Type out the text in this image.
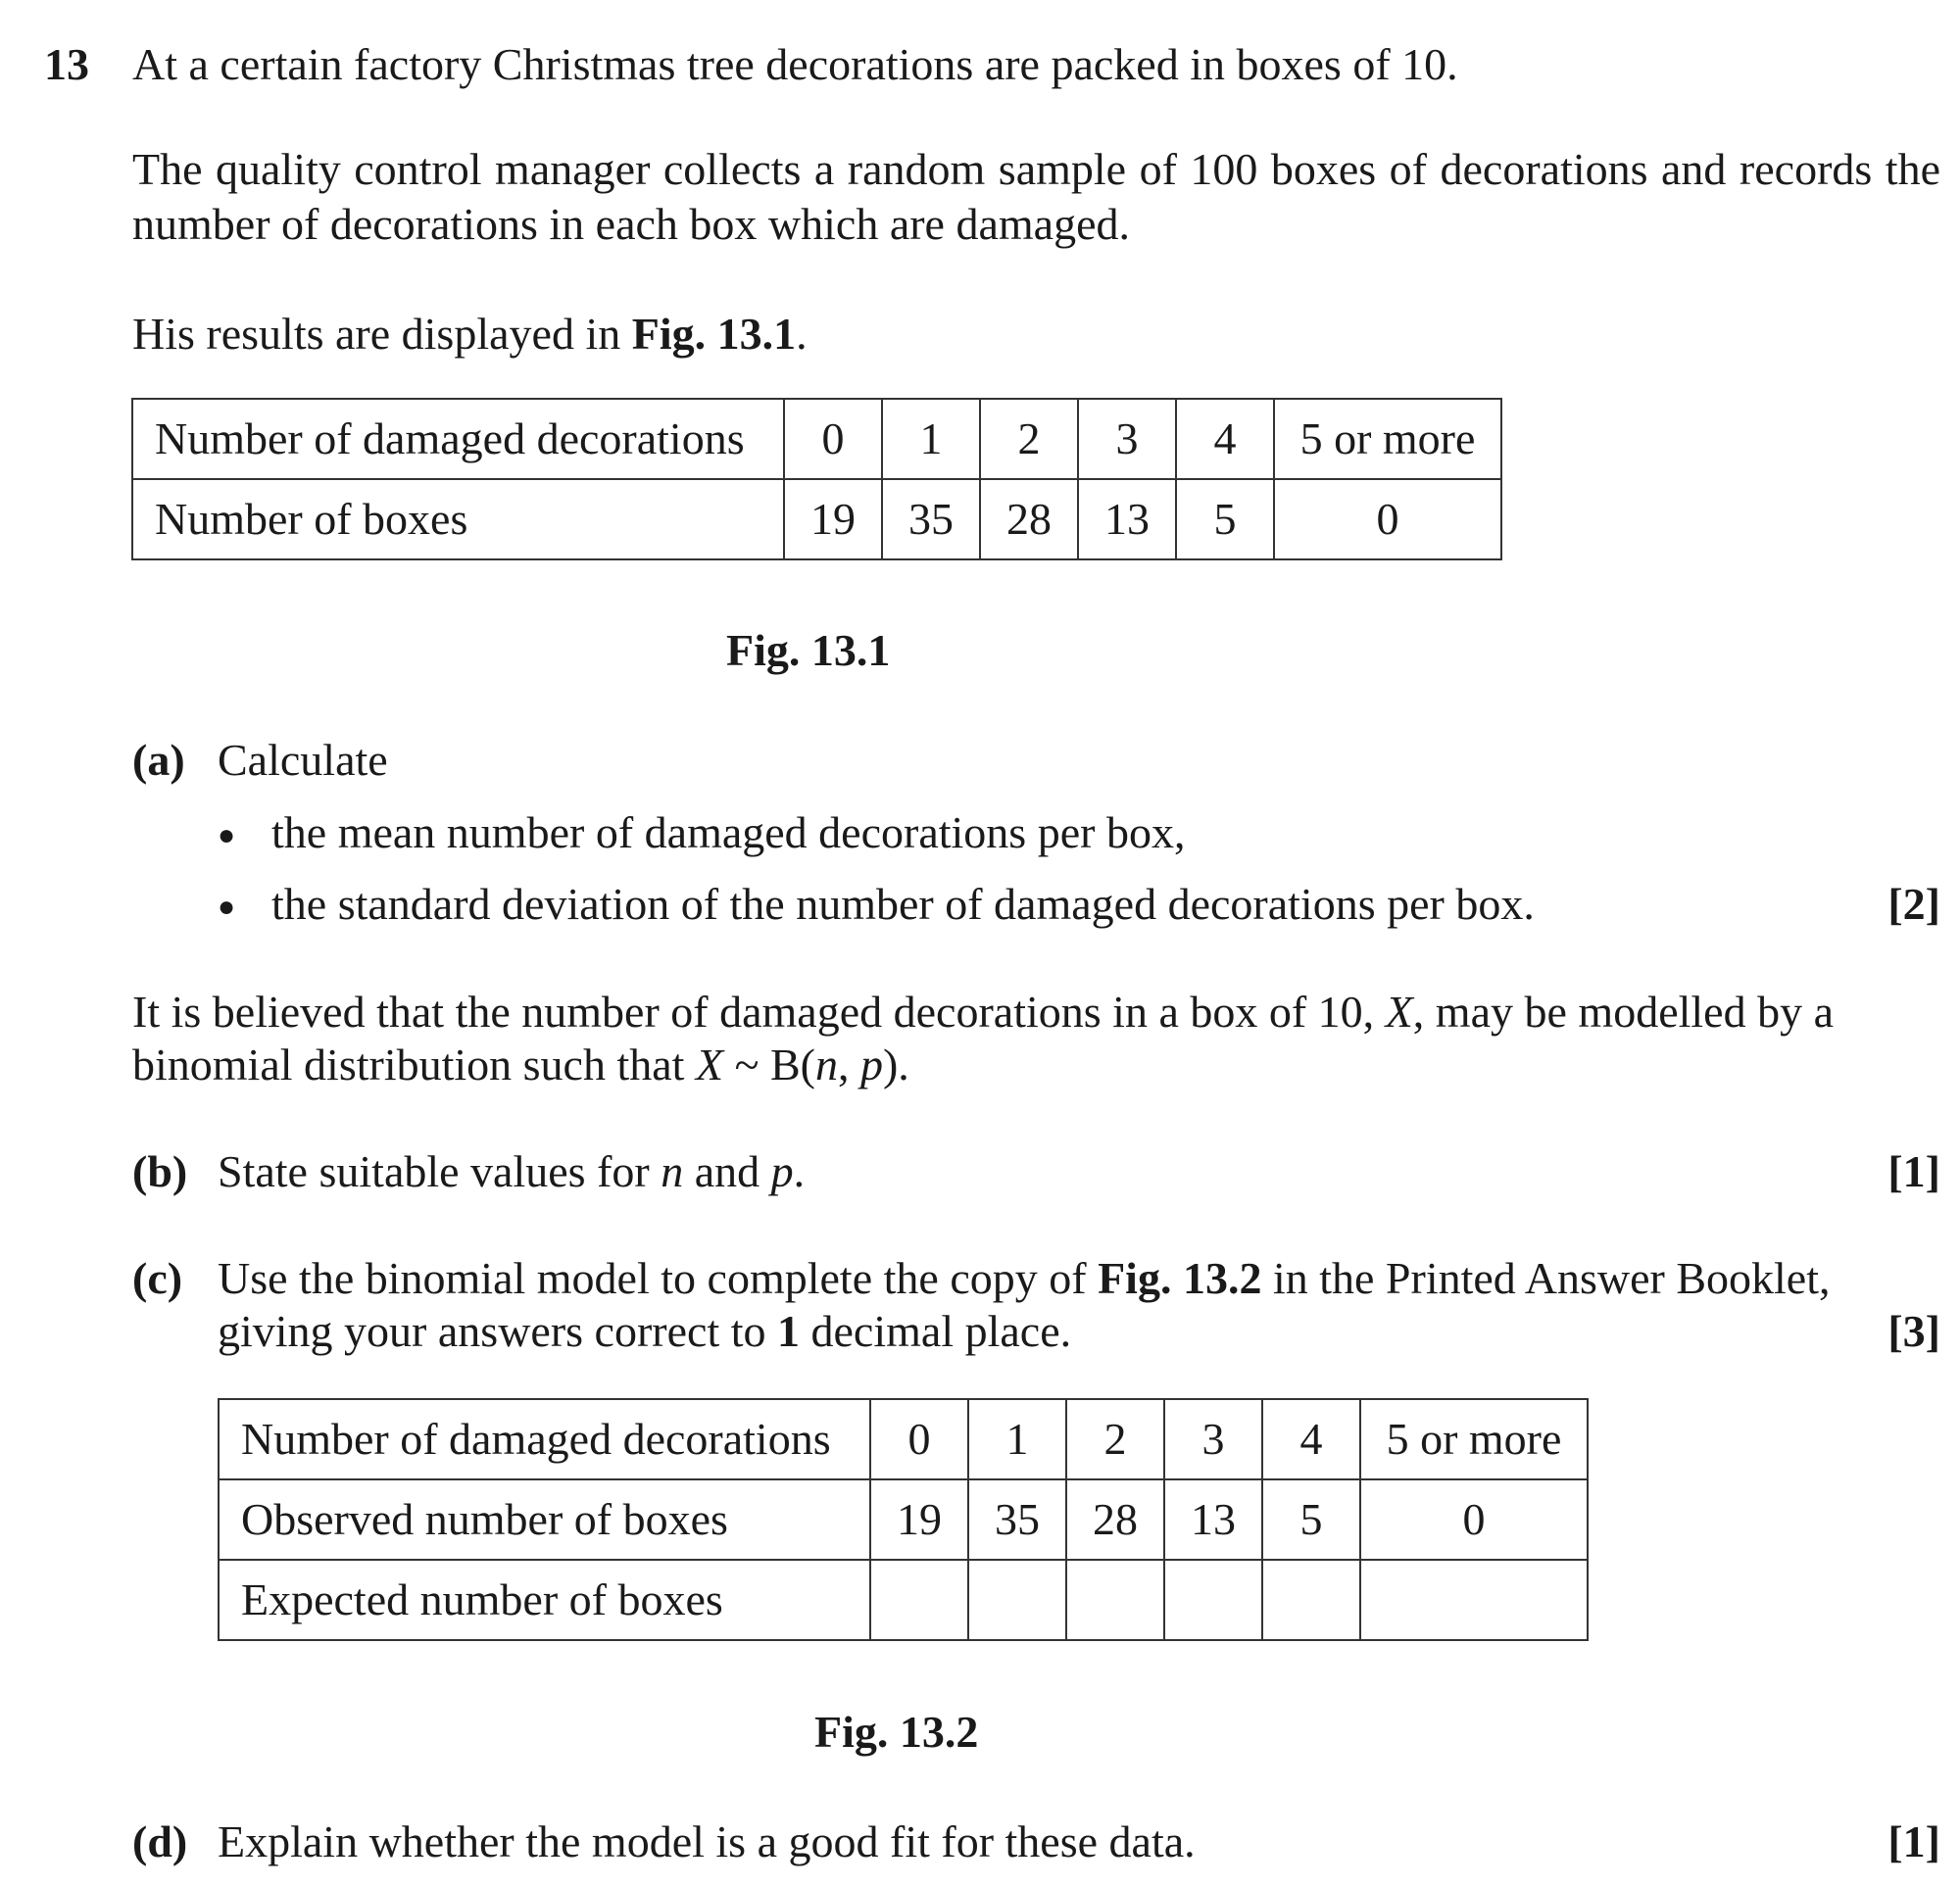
13 At a certain factory Christmas tree decorations are packed in boxes of 10.
The quality control manager collects a random sample of 100 boxes of decorations and records the number of decorations in each box which are damaged.
His results are displayed in Fig. 13.1.
Number of damaged decorations	0	1	2	3	4	5 or more
Number of boxes	19	35	28	13	5	0
Fig. 13.1
(a) Calculate
● the mean number of damaged decorations per box,
● the standard deviation of the number of damaged decorations per box.	[2]
It is believed that the number of damaged decorations in a box of 10, X, may be modelled by a
binomial distribution such that X ~ B(n, p).
(b) State suitable values for n and p.	[1]
(c) Use the binomial model to complete the copy of Fig. 13.2 in the Printed Answer Booklet,
giving your answers correct to 1 decimal place.	[3]
Number of damaged decorations	0	1	2	3	4	5 or more
Observed number of boxes	19	35	28	13	5	0
Expected number of boxes						
Fig. 13.2
(d) Explain whether the model is a good fit for these data.	[1]
